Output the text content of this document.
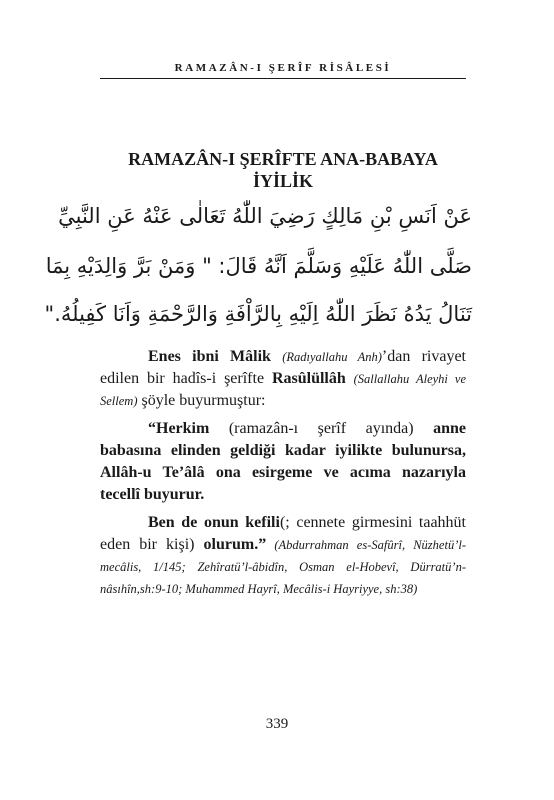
RAMAZÂN-I ŞERÎF RİSÂLESİ
RAMAZÂN-I ŞERÎFTE ANA-BABAYA
İYİLİK
عَنْ اَنَسِ بْنِ مَالِكٍ رَضِيَ اللّٰهُ تَعَالٰى عَنْهُ عَنِ النَّبِيِّ
صَلَّى اللّٰهُ عَلَيْهِ وَسَلَّمَ اَنَّهُ قَالَ: " وَمَنْ بَرَّ وَالِدَيْهِ بِمَا
تَنَالُ يَدُهُ نَظَرَ اللّٰهُ اِلَيْهِ بِالرَّاْفَةِ وَالرَّحْمَةِ وَاَنَا كَفِيلُهُ."

Enes ibni Mâlik (Radıyallahu Anh)’dan rivayet edilen bir hadîs-i şerîfte Rasûlüllâh (Sallallahu Aleyhi ve Sellem) şöyle buyurmuştur:

“Herkim (ramazân-ı şerîf ayında) anne babasına elinden geldiği kadar iyilikte bulunursa, Allâh-u Te’âlâ ona esirgeme ve acıma nazarıyla tecellî buyurur.

Ben de onun kefili(; cennete girmesini taahhüt eden bir kişi) olurum.” (Abdurrahman es-Safûrî, Nüzhetü’l-mecâlis, 1/145; Zehîratü’l-âbidîn, Osman el-Hobevî, Dürratü’n-nâsıhîn,sh:9-10; Muhammed Hayrî, Mecâlis-i Hayriyye, sh:38)

339
